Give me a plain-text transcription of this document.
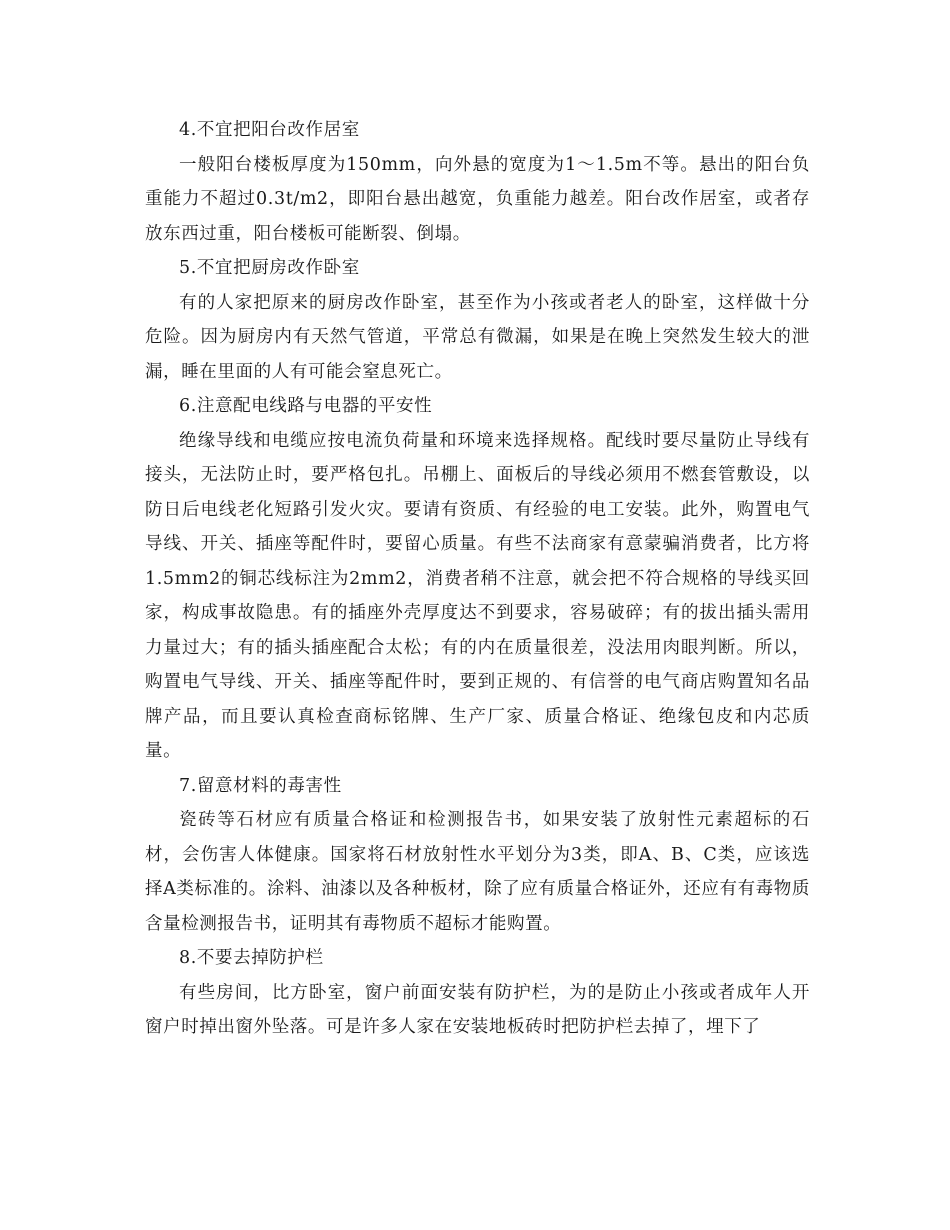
4.不宜把阳台改作居室

一般阳台楼板厚度为150mm，向外悬的宽度为1～1.5m不等。悬出的阳台负重能力不超过0.3t/m2，即阳台悬出越宽，负重能力越差。阳台改作居室，或者存放东西过重，阳台楼板可能断裂、倒塌。

5.不宜把厨房改作卧室

有的人家把原来的厨房改作卧室，甚至作为小孩或者老人的卧室，这样做十分危险。因为厨房内有天然气管道，平常总有微漏，如果是在晚上突然发生较大的泄漏，睡在里面的人有可能会窒息死亡。

6.注意配电线路与电器的平安性

绝缘导线和电缆应按电流负荷量和环境来选择规格。配线时要尽量防止导线有接头，无法防止时，要严格包扎。吊棚上、面板后的导线必须用不燃套管敷设，以防日后电线老化短路引发火灾。要请有资质、有经验的电工安装。此外，购置电气导线、开关、插座等配件时，要留心质量。有些不法商家有意蒙骗消费者，比方将1.5mm2的铜芯线标注为2mm2，消费者稍不注意，就会把不符合规格的导线买回家，构成事故隐患。有的插座外壳厚度达不到要求，容易破碎；有的拔出插头需用力量过大；有的插头插座配合太松；有的内在质量很差，没法用肉眼判断。所以，购置电气导线、开关、插座等配件时，要到正规的、有信誉的电气商店购置知名品牌产品，而且要认真检查商标铭牌、生产厂家、质量合格证、绝缘包皮和内芯质量。

7.留意材料的毒害性

瓷砖等石材应有质量合格证和检测报告书，如果安装了放射性元素超标的石材，会伤害人体健康。国家将石材放射性水平划分为3类，即A、B、C类，应该选择A类标准的。涂料、油漆以及各种板材，除了应有质量合格证外，还应有有毒物质含量检测报告书，证明其有毒物质不超标才能购置。

8.不要去掉防护栏

有些房间，比方卧室，窗户前面安装有防护栏，为的是防止小孩或者成年人开窗户时掉出窗外坠落。可是许多人家在安装地板砖时把防护栏去掉了，埋下了
